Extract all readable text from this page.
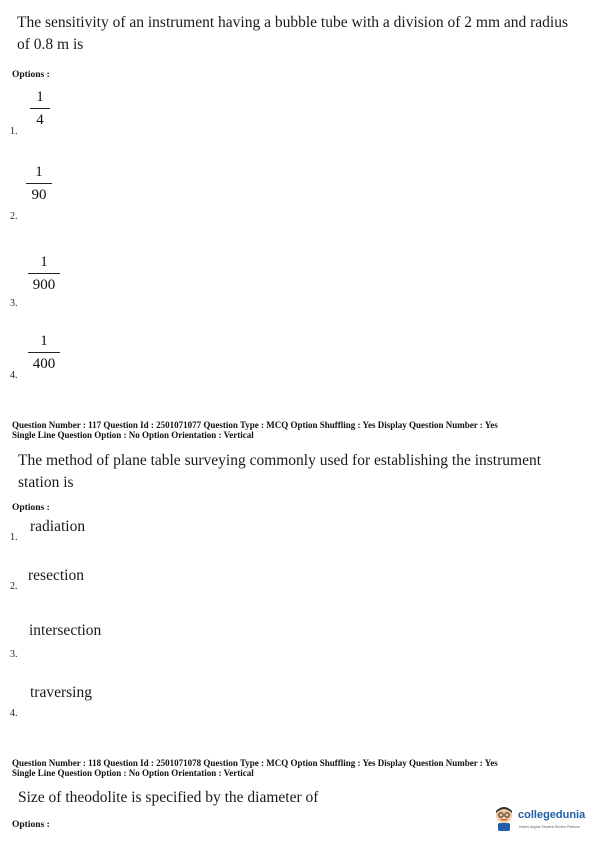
The sensitivity of an instrument having a bubble tube with a division of 2 mm and radius of 0.8 m is
Options :
1
4
1.
1
90
2.
1
900
3.
1
400
4.
Question Number : 117 Question Id : 2501071077 Question Type : MCQ Option Shuffling : Yes Display Question Number : Yes
Single Line Question Option : No Option Orientation : Vertical
The method of plane table surveying commonly used for establishing the instrument station is
Options :
radiation
1.
resection
2.
intersection
3.
traversing
4.
Question Number : 118 Question Id : 2501071078 Question Type : MCQ Option Shuffling : Yes Display Question Number : Yes
Single Line Question Option : No Option Orientation : Vertical
Size of theodolite is specified by the diameter of
Options :
collegedunia
India's largest Student Review Platform
